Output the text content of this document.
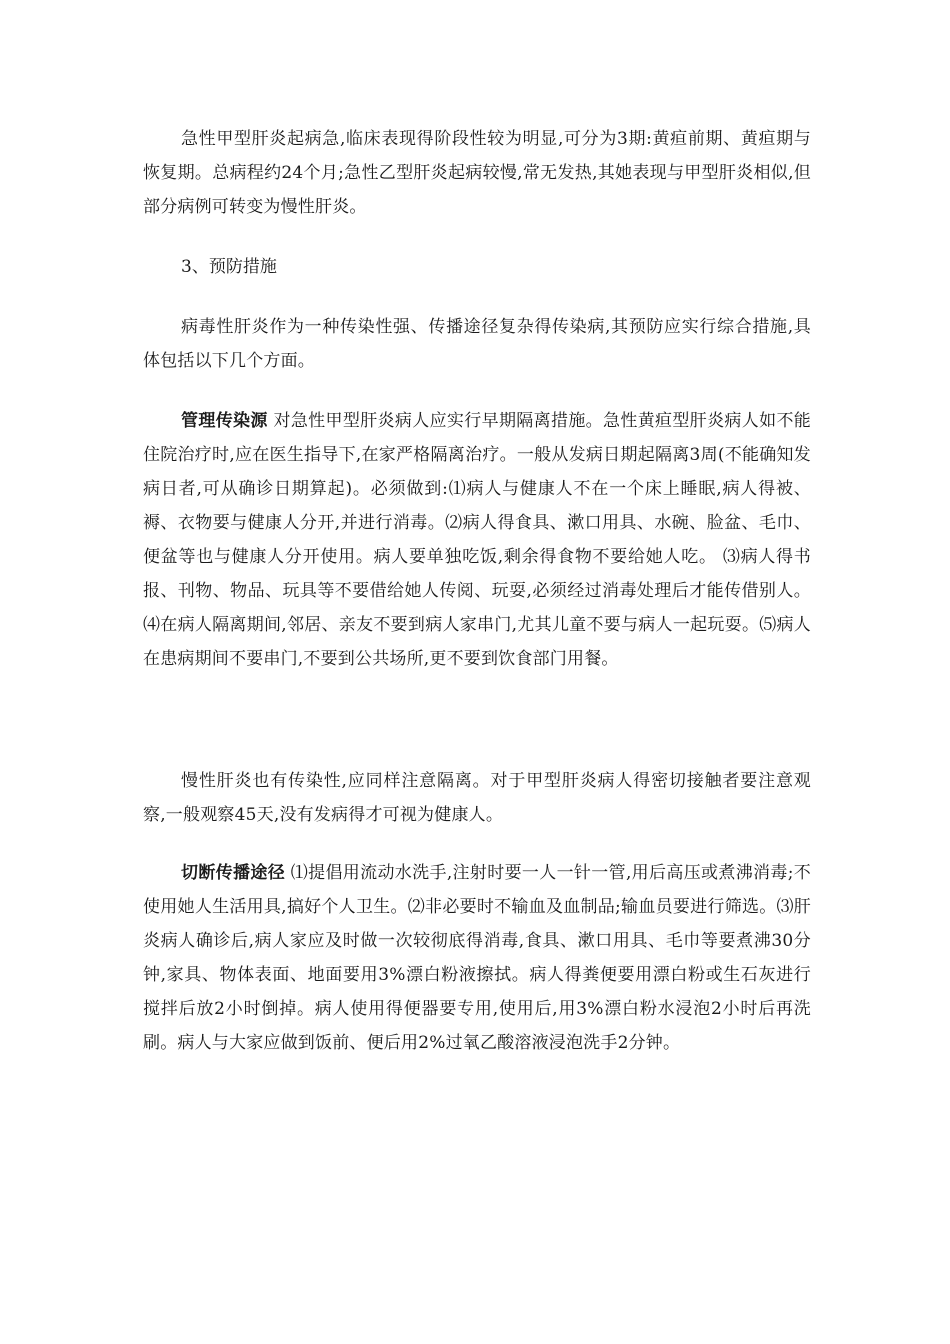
急性甲型肝炎起病急,临床表现得阶段性较为明显,可分为3期:黄疸前期、黄疸期与恢复期。总病程约24个月;急性乙型肝炎起病较慢,常无发热,其她表现与甲型肝炎相似,但部分病例可转变为慢性肝炎。

3、预防措施

病毒性肝炎作为一种传染性强、传播途径复杂得传染病,其预防应实行综合措施,具体包括以下几个方面。

管理传染源 对急性甲型肝炎病人应实行早期隔离措施。急性黄疸型肝炎病人如不能住院治疗时,应在医生指导下,在家严格隔离治疗。一般从发病日期起隔离3周(不能确知发病日者,可从确诊日期算起)。必须做到:⑴病人与健康人不在一个床上睡眠,病人得被、褥、衣物要与健康人分开,并进行消毒。⑵病人得食具、漱口用具、水碗、脸盆、毛巾、便盆等也与健康人分开使用。病人要单独吃饭,剩余得食物不要给她人吃。 ⑶病人得书报、刊物、物品、玩具等不要借给她人传阅、玩耍,必须经过消毒处理后才能传借别人。⑷在病人隔离期间,邻居、亲友不要到病人家串门,尤其儿童不要与病人一起玩耍。⑸病人在患病期间不要串门,不要到公共场所,更不要到饮食部门用餐。

慢性肝炎也有传染性,应同样注意隔离。对于甲型肝炎病人得密切接触者要注意观察,一般观察45天,没有发病得才可视为健康人。

切断传播途径 ⑴提倡用流动水洗手,注射时要一人一针一管,用后高压或煮沸消毒;不使用她人生活用具,搞好个人卫生。⑵非必要时不输血及血制品;输血员要进行筛选。⑶肝炎病人确诊后,病人家应及时做一次较彻底得消毒,食具、漱口用具、毛巾等要煮沸30分钟,家具、物体表面、地面要用3%漂白粉液擦拭。病人得粪便要用漂白粉或生石灰进行搅拌后放2小时倒掉。病人使用得便器要专用,使用后,用3%漂白粉水浸泡2小时后再洗刷。病人与大家应做到饭前、便后用2%过氧乙酸溶液浸泡洗手2分钟。
